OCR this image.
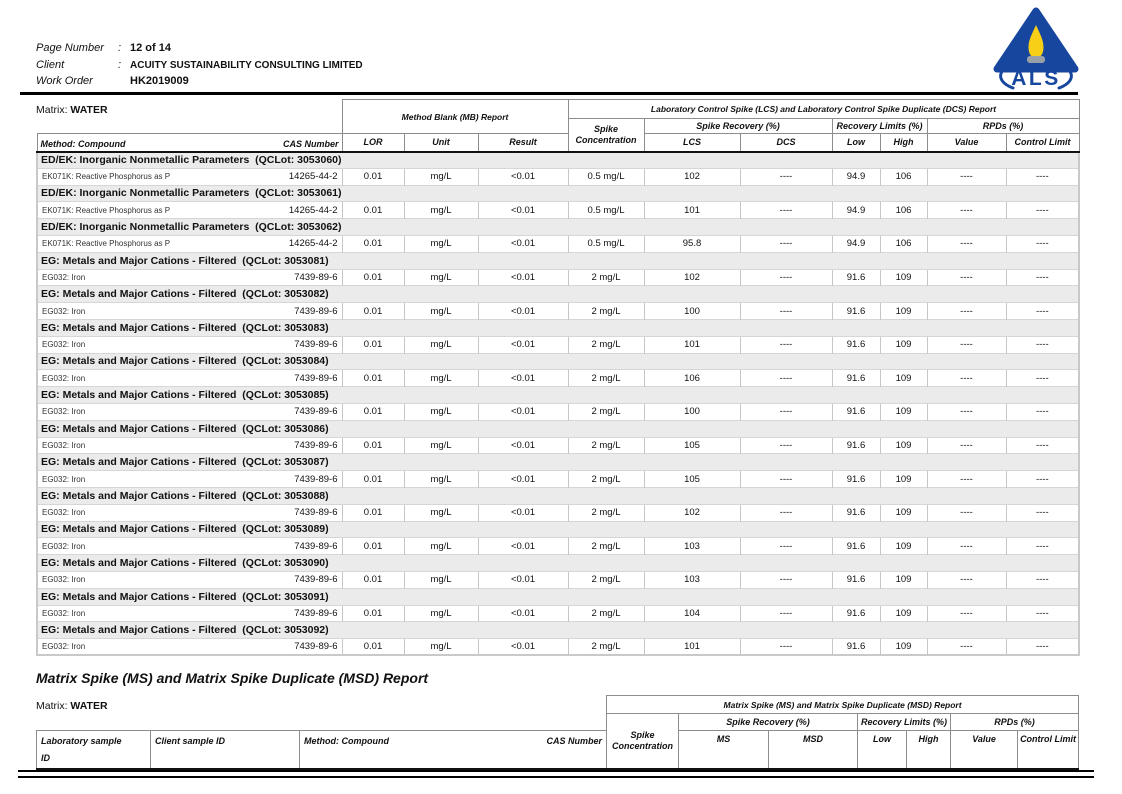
Page Number : 12 of 14
Client	: ACUITY SUSTAINABILITY CONSULTING LIMITED
Work Order	HK2019009	ALS
Matrix: WATER
	Method Blank (MB) Report			Laboratory Control Spike (LCS) and Laboratory Control Spike Duplicate (DCS) Report						

				Spike
Concentration	Spike Recovery (%)		Recovery Limits (%)		RPDs (%)	

Method: Compound CAS Number	LOR	Unit	Result		LCS	DCS	Low	High	Value	Control Limit
ED/EK: Inorganic Nonmetallic Parameters  (QCLot: 3053060)										

EK071K: Reactive Phosphorus as P 14265-44-2	0.01	mg/L	<0.01	0.5 mg/L	102	----	94.9	106	----	----
ED/EK: Inorganic Nonmetallic Parameters  (QCLot: 3053061)										

EK071K: Reactive Phosphorus as P 14265-44-2	0.01	mg/L	<0.01	0.5 mg/L	101	----	94.9	106	----	----
ED/EK: Inorganic Nonmetallic Parameters  (QCLot: 3053062)										

EK071K: Reactive Phosphorus as P 14265-44-2	0.01	mg/L	<0.01	0.5 mg/L	95.8	----	94.9	106	----	----
EG: Metals and Major Cations - Filtered  (QCLot: 3053081)										

EG032: Iron 7439-89-6	0.01	mg/L	<0.01	2 mg/L	102	----	91.6	109	----	----
EG: Metals and Major Cations - Filtered  (QCLot: 3053082)										

EG032: Iron 7439-89-6	0.01	mg/L	<0.01	2 mg/L	100	----	91.6	109	----	----
EG: Metals and Major Cations - Filtered  (QCLot: 3053083)										

EG032: Iron 7439-89-6	0.01	mg/L	<0.01	2 mg/L	101	----	91.6	109	----	----
EG: Metals and Major Cations - Filtered  (QCLot: 3053084)										

EG032: Iron 7439-89-6	0.01	mg/L	<0.01	2 mg/L	106	----	91.6	109	----	----
EG: Metals and Major Cations - Filtered  (QCLot: 3053085)										

EG032: Iron 7439-89-6	0.01	mg/L	<0.01	2 mg/L	100	----	91.6	109	----	----
EG: Metals and Major Cations - Filtered  (QCLot: 3053086)										

EG032: Iron 7439-89-6	0.01	mg/L	<0.01	2 mg/L	105	----	91.6	109	----	----
EG: Metals and Major Cations - Filtered  (QCLot: 3053087)										

EG032: Iron 7439-89-6	0.01	mg/L	<0.01	2 mg/L	105	----	91.6	109	----	----
EG: Metals and Major Cations - Filtered  (QCLot: 3053088)										

EG032: Iron 7439-89-6	0.01	mg/L	<0.01	2 mg/L	102	----	91.6	109	----	----
EG: Metals and Major Cations - Filtered  (QCLot: 3053089)										

EG032: Iron 7439-89-6	0.01	mg/L	<0.01	2 mg/L	103	----	91.6	109	----	----
EG: Metals and Major Cations - Filtered  (QCLot: 3053090)										

EG032: Iron 7439-89-6	0.01	mg/L	<0.01	2 mg/L	103	----	91.6	109	----	----
EG: Metals and Major Cations - Filtered  (QCLot: 3053091)										

EG032: Iron 7439-89-6	0.01	mg/L	<0.01	2 mg/L	104	----	91.6	109	----	----
EG: Metals and Major Cations - Filtered  (QCLot: 3053092)										

EG032: Iron 7439-89-6	0.01	mg/L	<0.01	2 mg/L	101	----	91.6	109	----	----
Matrix Spike (MS) and Matrix Spike Duplicate (MSD) Report
Matrix: WATER
			Matrix Spike (MS) and Matrix Spike Duplicate (MSD) Report						

			Spike
Concentration	Spike Recovery (%)		Recovery Limits (%)		RPDs (%)	

Laboratory sample
ID
	Client sample ID	Method: Compound	CAS Number	MS	MSD	Low	High	Value	Control Limit
